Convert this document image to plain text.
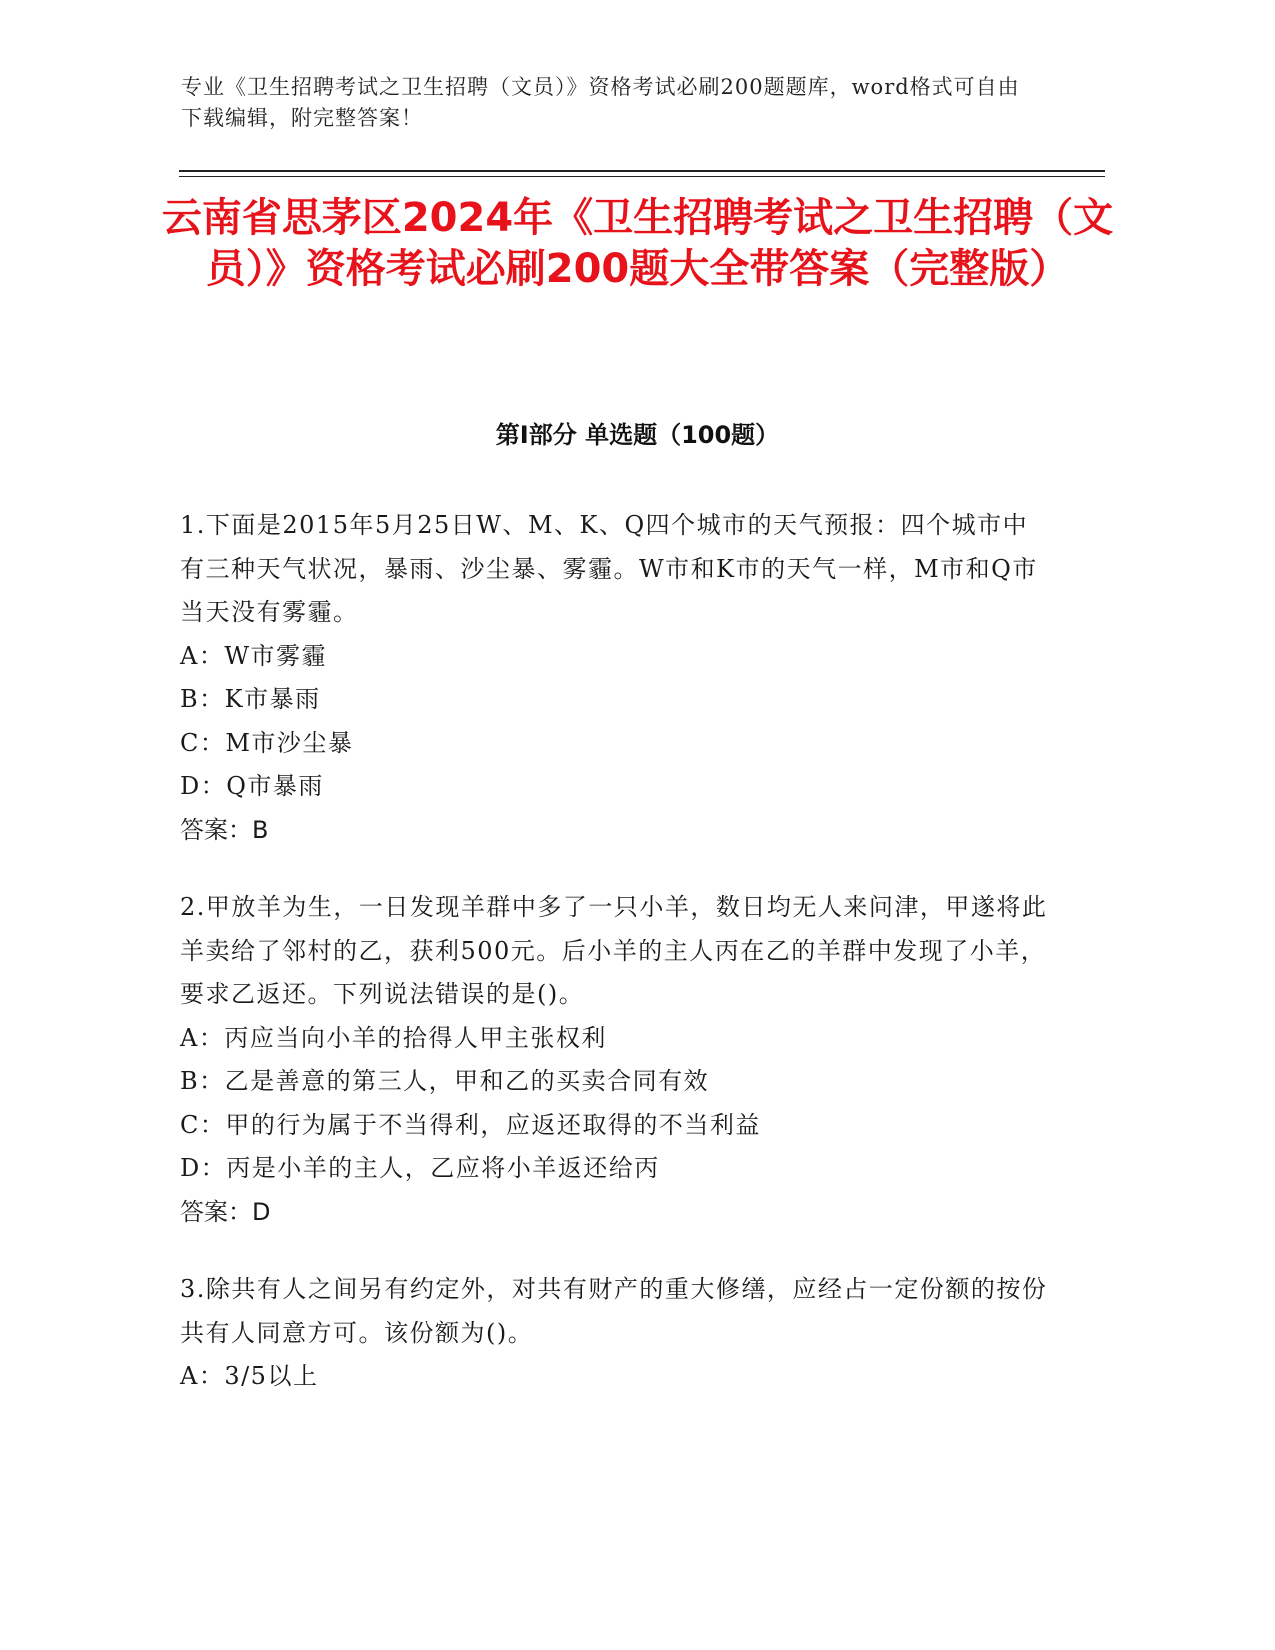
专业《卫生招聘考试之卫生招聘（文员）》资格考试必刷200题题库，word格式可自由下载编辑，附完整答案！
云南省思茅区2024年《卫生招聘考试之卫生招聘（文员）》资格考试必刷200题大全带答案（完整版）
第Ⅰ部分 单选题（100题）

1.下面是2015年5月25日W、M、K、Q四个城市的天气预报：四个城市中有三种天气状况，暴雨、沙尘暴、雾霾。W市和K市的天气一样，M市和Q市当天没有雾霾。

A：W市雾霾

B：K市暴雨

C：M市沙尘暴

D：Q市暴雨

答案：B

2.甲放羊为生，一日发现羊群中多了一只小羊，数日均无人来问津，甲遂将此羊卖给了邻村的乙，获利500元。后小羊的主人丙在乙的羊群中发现了小羊，要求乙返还。下列说法错误的是()。

A：丙应当向小羊的拾得人甲主张权利

B：乙是善意的第三人，甲和乙的买卖合同有效

C：甲的行为属于不当得利，应返还取得的不当利益

D：丙是小羊的主人，乙应将小羊返还给丙

答案：D

3.除共有人之间另有约定外，对共有财产的重大修缮，应经占一定份额的按份共有人同意方可。该份额为()。

A：3/5以上
